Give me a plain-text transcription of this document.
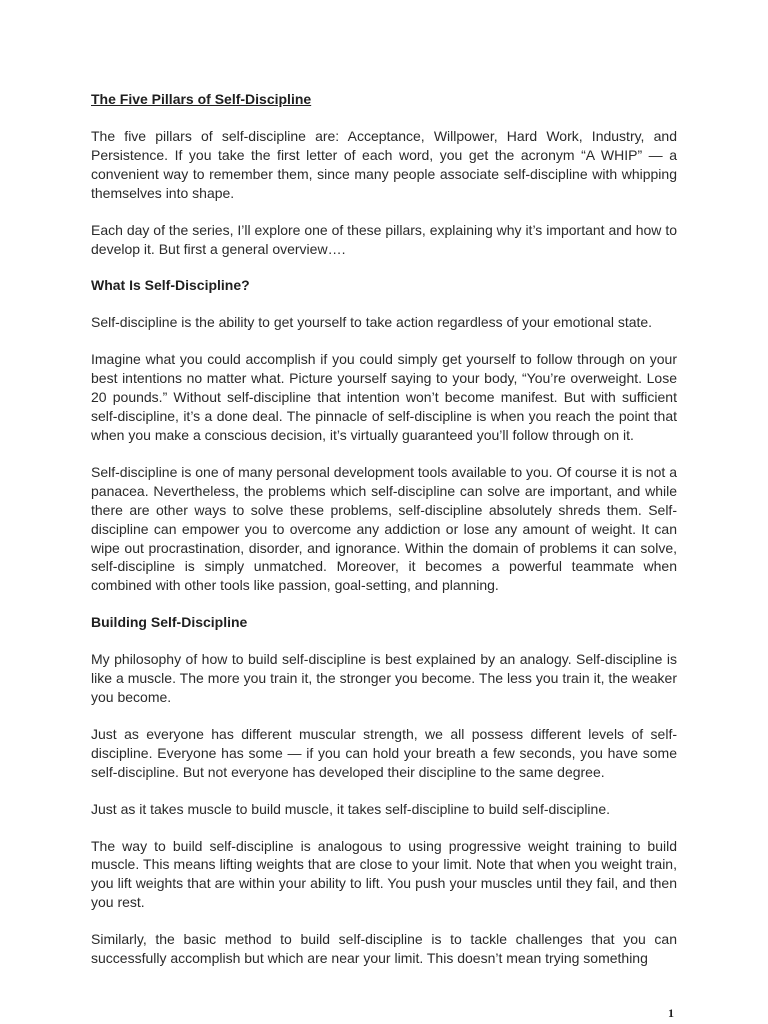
The Five Pillars of Self-Discipline

The five pillars of self-discipline are: Acceptance, Willpower, Hard Work, Industry, and Persistence. If you take the first letter of each word, you get the acronym “A WHIP” — a convenient way to remember them, since many people associate self-discipline with whipping themselves into shape.

Each day of the series, I’ll explore one of these pillars, explaining why it’s important and how to develop it. But first a general overview….

What Is Self-Discipline?

Self-discipline is the ability to get yourself to take action regardless of your emotional state.

Imagine what you could accomplish if you could simply get yourself to follow through on your best intentions no matter what. Picture yourself saying to your body, “You’re overweight. Lose 20 pounds.” Without self-discipline that intention won’t become manifest. But with sufficient self-discipline, it’s a done deal. The pinnacle of self-discipline is when you reach the point that when you make a conscious decision, it’s virtually guaranteed you’ll follow through on it.

Self-discipline is one of many personal development tools available to you. Of course it is not a panacea. Nevertheless, the problems which self-discipline can solve are important, and while there are other ways to solve these problems, self-discipline absolutely shreds them. Self-discipline can empower you to overcome any addiction or lose any amount of weight. It can wipe out procrastination, disorder, and ignorance. Within the domain of problems it can solve, self-discipline is simply unmatched. Moreover, it becomes a powerful teammate when combined with other tools like passion, goal-setting, and planning.

Building Self-Discipline

My philosophy of how to build self-discipline is best explained by an analogy. Self-discipline is like a muscle. The more you train it, the stronger you become. The less you train it, the weaker you become.

Just as everyone has different muscular strength, we all possess different levels of self-discipline. Everyone has some — if you can hold your breath a few seconds, you have some self-discipline. But not everyone has developed their discipline to the same degree.

Just as it takes muscle to build muscle, it takes self-discipline to build self-discipline.

The way to build self-discipline is analogous to using progressive weight training to build muscle. This means lifting weights that are close to your limit. Note that when you weight train, you lift weights that are within your ability to lift. You push your muscles until they fail, and then you rest.

Similarly, the basic method to build self-discipline is to tackle challenges that you can successfully accomplish but which are near your limit. This doesn’t mean trying something

1
